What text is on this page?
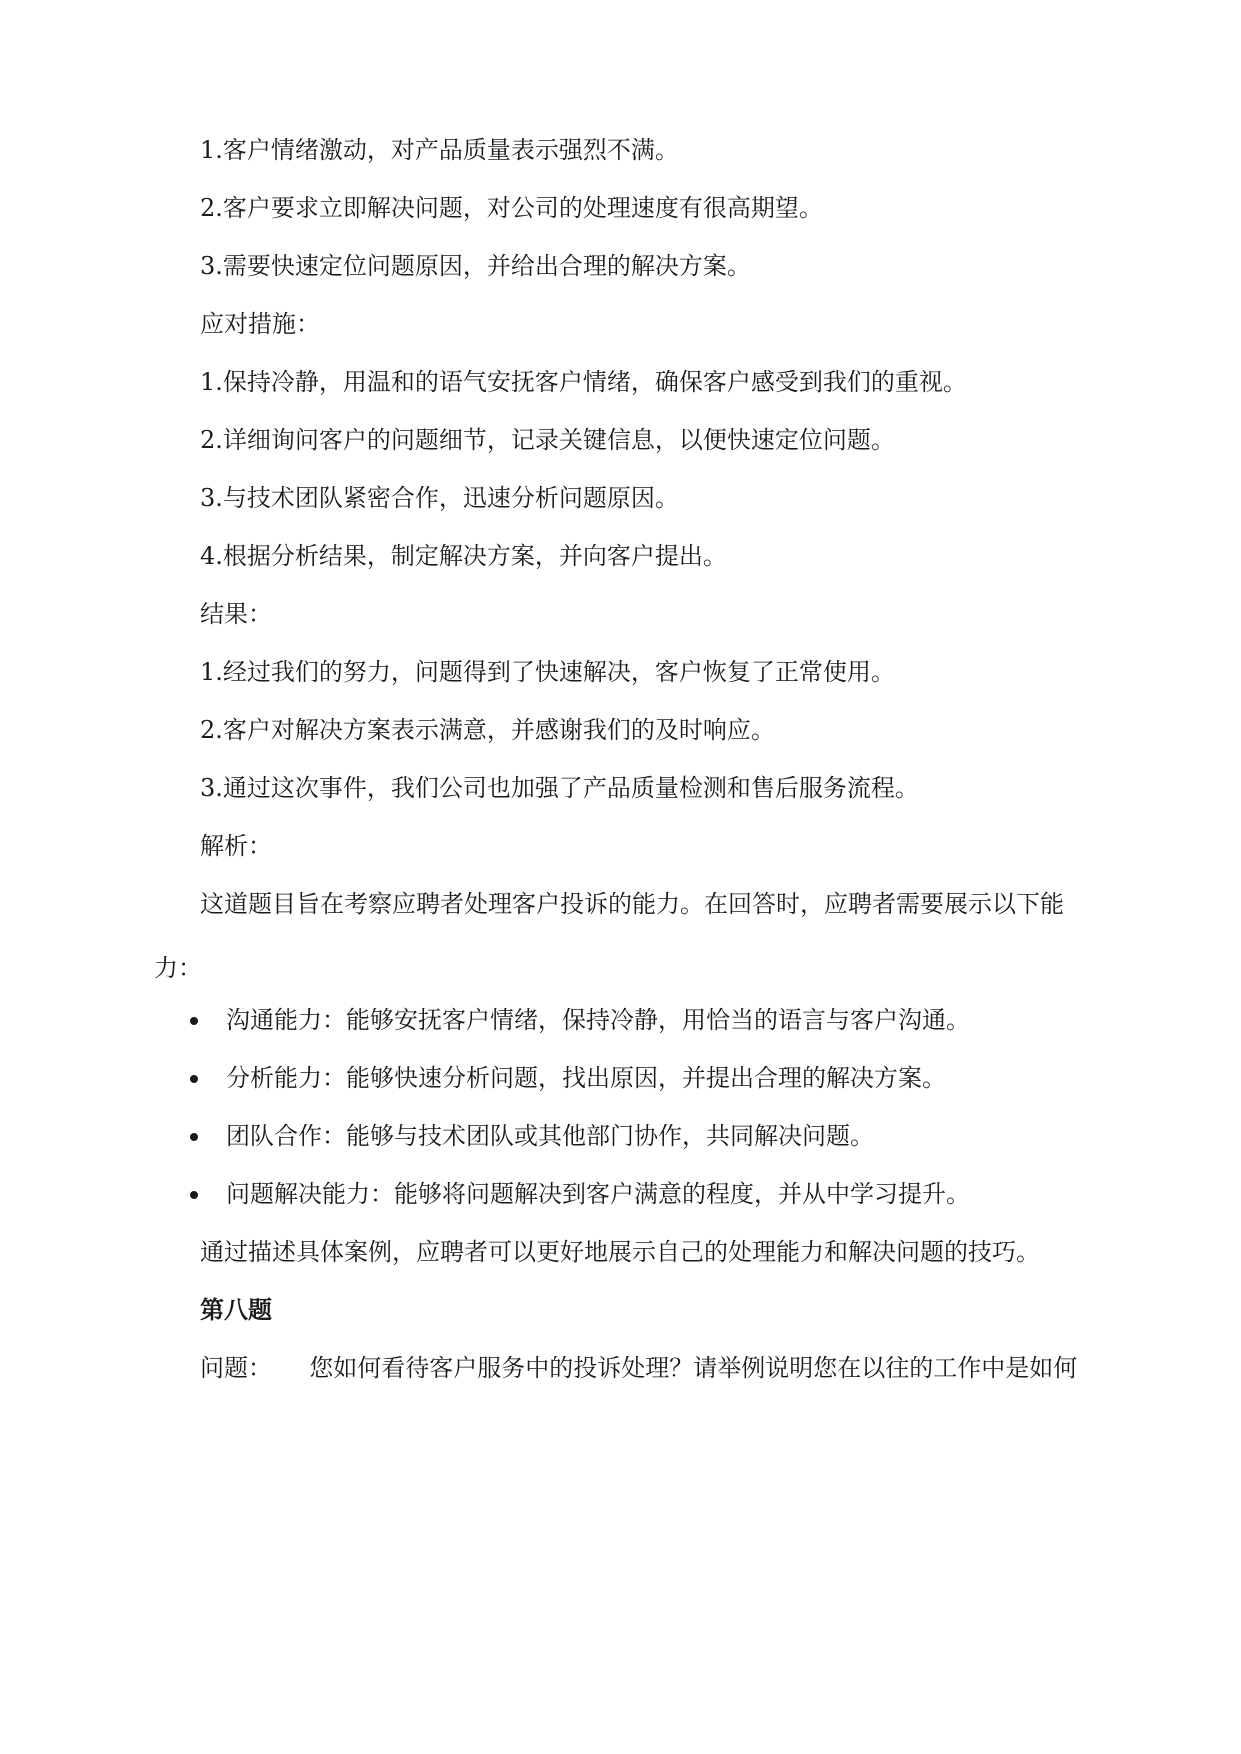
1.客户情绪激动，对产品质量表示强烈不满。
2.客户要求立即解决问题，对公司的处理速度有很高期望。
3.需要快速定位问题原因，并给出合理的解决方案。
应对措施：
1.保持冷静，用温和的语气安抚客户情绪，确保客户感受到我们的重视。
2.详细询问客户的问题细节，记录关键信息，以便快速定位问题。
3.与技术团队紧密合作，迅速分析问题原因。
4.根据分析结果，制定解决方案，并向客户提出。
结果：
1.经过我们的努力，问题得到了快速解决，客户恢复了正常使用。
2.客户对解决方案表示满意，并感谢我们的及时响应。
3.通过这次事件，我们公司也加强了产品质量检测和售后服务流程。
解析：
这道题目旨在考察应聘者处理客户投诉的能力。在回答时，应聘者需要展示以下能力：
沟通能力：能够安抚客户情绪，保持冷静，用恰当的语言与客户沟通。
分析能力：能够快速分析问题，找出原因，并提出合理的解决方案。
团队合作：能够与技术团队或其他部门协作，共同解决问题。
问题解决能力：能够将问题解决到客户满意的程度，并从中学习提升。
通过描述具体案例，应聘者可以更好地展示自己的处理能力和解决问题的技巧。
第八题
问题： 您如何看待客户服务中的投诉处理？请举例说明您在以往的工作中是如何
